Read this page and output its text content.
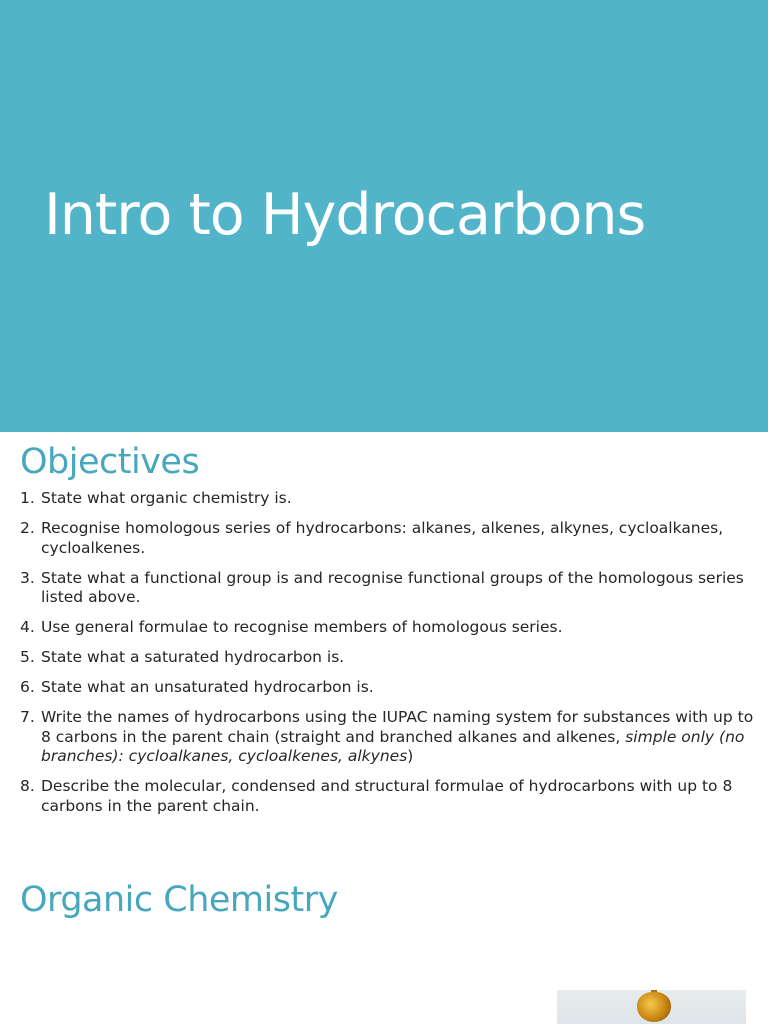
Intro to Hydrocarbons
Objectives
1. State what organic chemistry is.
2. Recognise homologous series of hydrocarbons: alkanes, alkenes, alkynes, cycloalkanes, cycloalkenes.
3. State what a functional group is and recognise functional groups of the homologous series listed above.
4. Use general formulae to recognise members of homologous series.
5. State what a saturated hydrocarbon is.
6. State what an unsaturated hydrocarbon is.
7. Write the names of hydrocarbons using the IUPAC naming system for substances with up to 8 carbons in the parent chain (straight and branched alkanes and alkenes, simple only (no branches): cycloalkanes, cycloalkenes, alkynes)
8. Describe the molecular, condensed and structural formulae of hydrocarbons with up to 8 carbons in the parent chain.
Organic Chemistry
